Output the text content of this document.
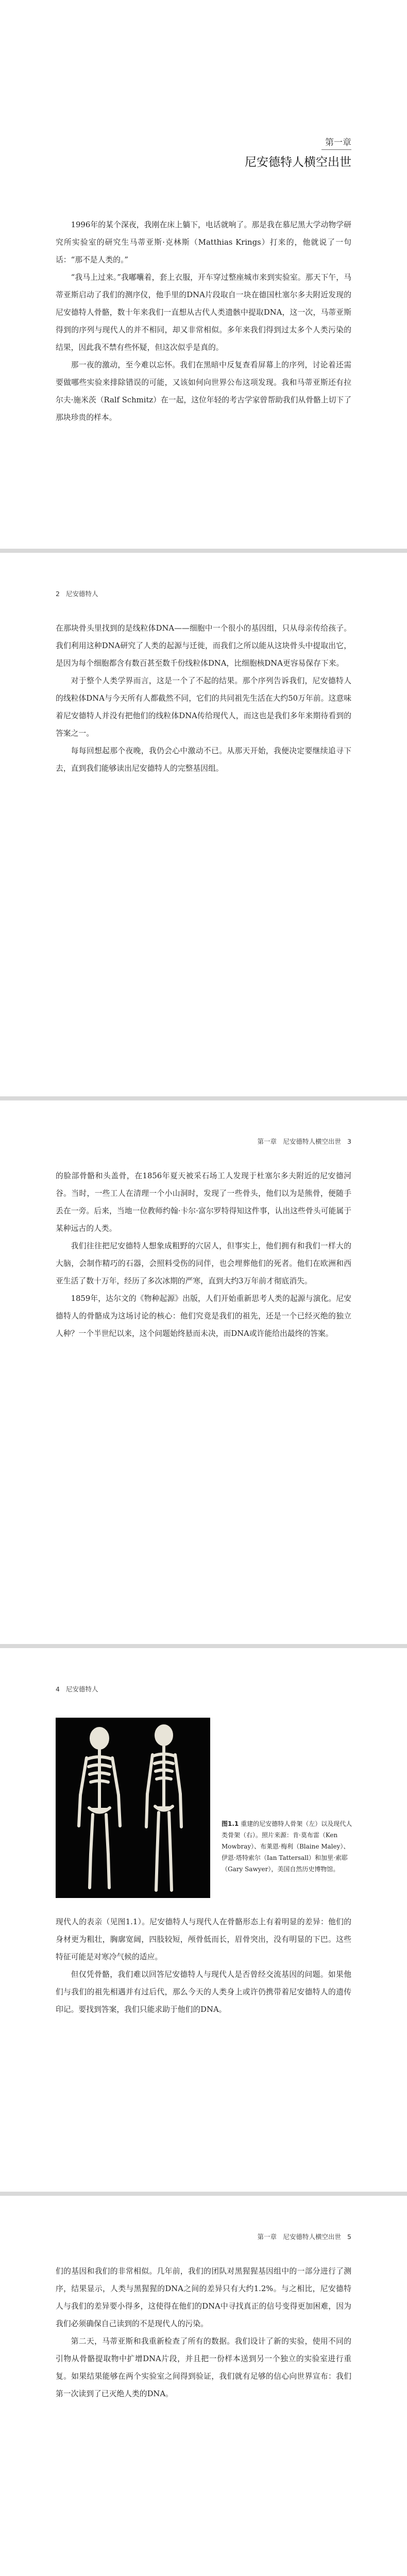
第一章
尼安德特人横空出世

1996年的某个深夜，我刚在床上躺下，电话就响了。那是我在慕尼黑大学动物学研究所实验室的研究生马蒂亚斯·克林斯（Matthias Krings）打来的，他就说了一句话：“那不是人类的。”

“我马上过来。”我嘟囔着，套上衣服，开车穿过整座城市来到实验室。那天下午，马蒂亚斯启动了我们的测序仪，他手里的DNA片段取自一块在德国杜塞尔多夫附近发现的尼安德特人骨骼，数十年来我们一直想从古代人类遗骸中提取DNA，这一次，马蒂亚斯得到的序列与现代人的并不相同，却又非常相似。多年来我们得到过太多个人类污染的结果，因此我不禁有些怀疑，但这次似乎是真的。

那一夜的激动，至今难以忘怀。我们在黑暗中反复查看屏幕上的序列，讨论着还需要做哪些实验来排除错误的可能，又该如何向世界公布这项发现。我和马蒂亚斯还有拉尔夫·施米茨（Ralf Schmitz）在一起，这位年轻的考古学家曾帮助我们从骨骼上切下了那块珍贵的样本。

2 尼安德特人

在那块骨头里找到的是线粒体DNA——细胞中一个很小的基因组，只从母亲传给孩子。我们利用这种DNA研究了人类的起源与迁徙，而我们之所以能从这块骨头中提取出它，是因为每个细胞都含有数百甚至数千份线粒体DNA，比细胞核DNA更容易保存下来。

对于整个人类学界而言，这是一个了不起的结果。那个序列告诉我们，尼安德特人的线粒体DNA与今天所有人都截然不同，它们的共同祖先生活在大约50万年前。这意味着尼安德特人并没有把他们的线粒体DNA传给现代人，而这也是我们多年来期待看到的答案之一。

每每回想起那个夜晚，我仍会心中激动不已。从那天开始，我便决定要继续追寻下去，直到我们能够读出尼安德特人的完整基因组。

第一章　尼安德特人横空出世 3

的脸部骨骼和头盖骨，在1856年夏天被采石场工人发现于杜塞尔多夫附近的尼安德河谷。当时，一些工人在清理一个小山洞时，发现了一些骨头，他们以为是熊骨，便随手丢在一旁。后来，当地一位教师约翰·卡尔·富尔罗特得知这件事，认出这些骨头可能属于某种远古的人类。

我们往往把尼安德特人想象成粗野的穴居人，但事实上，他们拥有和我们一样大的大脑，会制作精巧的石器，会照料受伤的同伴，也会埋葬他们的死者。他们在欧洲和西亚生活了数十万年，经历了多次冰期的严寒，直到大约3万年前才彻底消失。

1859年，达尔文的《物种起源》出版，人们开始重新思考人类的起源与演化。尼安德特人的骨骼成为这场讨论的核心：他们究竟是我们的祖先，还是一个已经灭绝的独立人种？一个半世纪以来，这个问题始终悬而未决，而DNA或许能给出最终的答案。

4 尼安德特人
图1.1 重建的尼安德特人骨架（左）以及现代人类骨架（右）。照片来源：肯·莫布雷（Ken Mowbray）、布莱恩·梅利（Blaine Maley）、伊恩·塔特索尔（Ian Tattersall）和加里·索耶（Gary Sawyer），美国自然历史博物馆。

现代人的表亲（见图1.1）。尼安德特人与现代人在骨骼形态上有着明显的差异：他们的身材更为粗壮，胸廓宽阔，四肢较短，颅骨低而长，眉骨突出，没有明显的下巴。这些特征可能是对寒冷气候的适应。

但仅凭骨骼，我们难以回答尼安德特人与现代人是否曾经交流基因的问题。如果他们与我们的祖先相遇并有过后代，那么今天的人类身上或许仍携带着尼安德特人的遗传印记。要找到答案，我们只能求助于他们的DNA。

第一章　尼安德特人横空出世 5

们的基因和我们的非常相似。几年前，我们的团队对黑猩猩基因组中的一部分进行了测序，结果显示，人类与黑猩猩的DNA之间的差异只有大约1.2%。与之相比，尼安德特人与我们的差异要小得多，这使得在他们的DNA中寻找真正的信号变得更加困难，因为我们必须确保自己读到的不是现代人的污染。

第二天，马蒂亚斯和我重新检查了所有的数据。我们设计了新的实验，使用不同的引物从骨骼提取物中扩增DNA片段，并且把一份样本送到另一个独立的实验室进行重复。如果结果能够在两个实验室之间得到验证，我们就有足够的信心向世界宣布：我们第一次读到了已灭绝人类的DNA。
